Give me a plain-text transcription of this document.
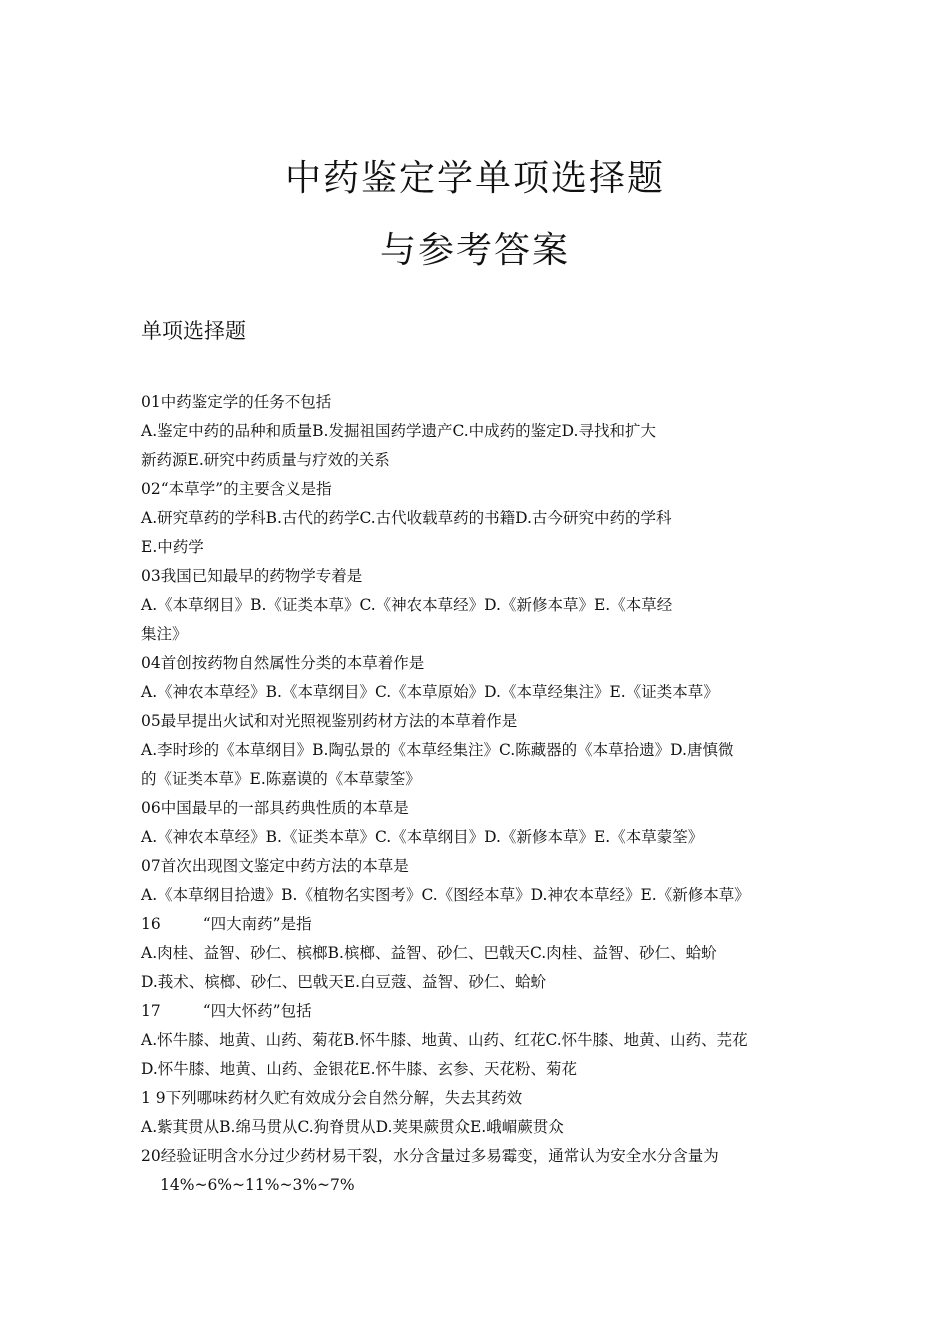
中药鉴定学单项选择题
与参考答案
单项选择题

01中药鉴定学的任务不包括

A.鉴定中药的品种和质量B.发掘祖国药学遗产C.中成药的鉴定D.寻找和扩大

新药源E.研究中药质量与疗效的关系

02“本草学”的主要含义是指

A.研究草药的学科B.古代的药学C.古代收载草药的书籍D.古今研究中药的学科

E.中药学

03我国已知最早的药物学专着是

A.《本草纲目》B.《证类本草》C.《神农本草经》D.《新修本草》E.《本草经

集注》

04首创按药物自然属性分类的本草着作是

A.《神农本草经》B.《本草纲目》C.《本草原始》D.《本草经集注》E.《证类本草》

05最早提出火试和对光照视鉴别药材方法的本草着作是

A.李时珍的《本草纲目》B.陶弘景的《本草经集注》C.陈藏器的《本草拾遗》D.唐慎微

的《证类本草》E.陈嘉谟的《本草蒙筌》

06中国最早的一部具药典性质的本草是

A.《神农本草经》B.《证类本草》C.《本草纲目》D.《新修本草》E.《本草蒙筌》

07首次出现图文鉴定中药方法的本草是

A.《本草纲目拾遗》B.《植物名实图考》C.《图经本草》D.神农本草经》E.《新修本草》

16	“四大南药”是指

A.肉桂、益智、砂仁、槟榔B.槟榔、益智、砂仁、巴戟天C.肉桂、益智、砂仁、蛤蚧

D.莪术、槟榔、砂仁、巴戟天E.白豆蔻、益智、砂仁、蛤蚧

17	“四大怀药”包括

A.怀牛膝、地黄、山药、菊花B.怀牛膝、地黄、山药、红花C.怀牛膝、地黄、山药、芫花

D.怀牛膝、地黄、山药、金银花E.怀牛膝、玄参、天花粉、菊花

1 9下列哪味药材久贮有效成分会自然分解，失去其药效

A.紫萁贯从B.绵马贯从C.狗脊贯从D.荚果蕨贯众E.峨嵋蕨贯众

20经验证明含水分过少药材易干裂，水分含量过多易霉变，通常认为安全水分含量为

14%~6%~11%~3%~7%
